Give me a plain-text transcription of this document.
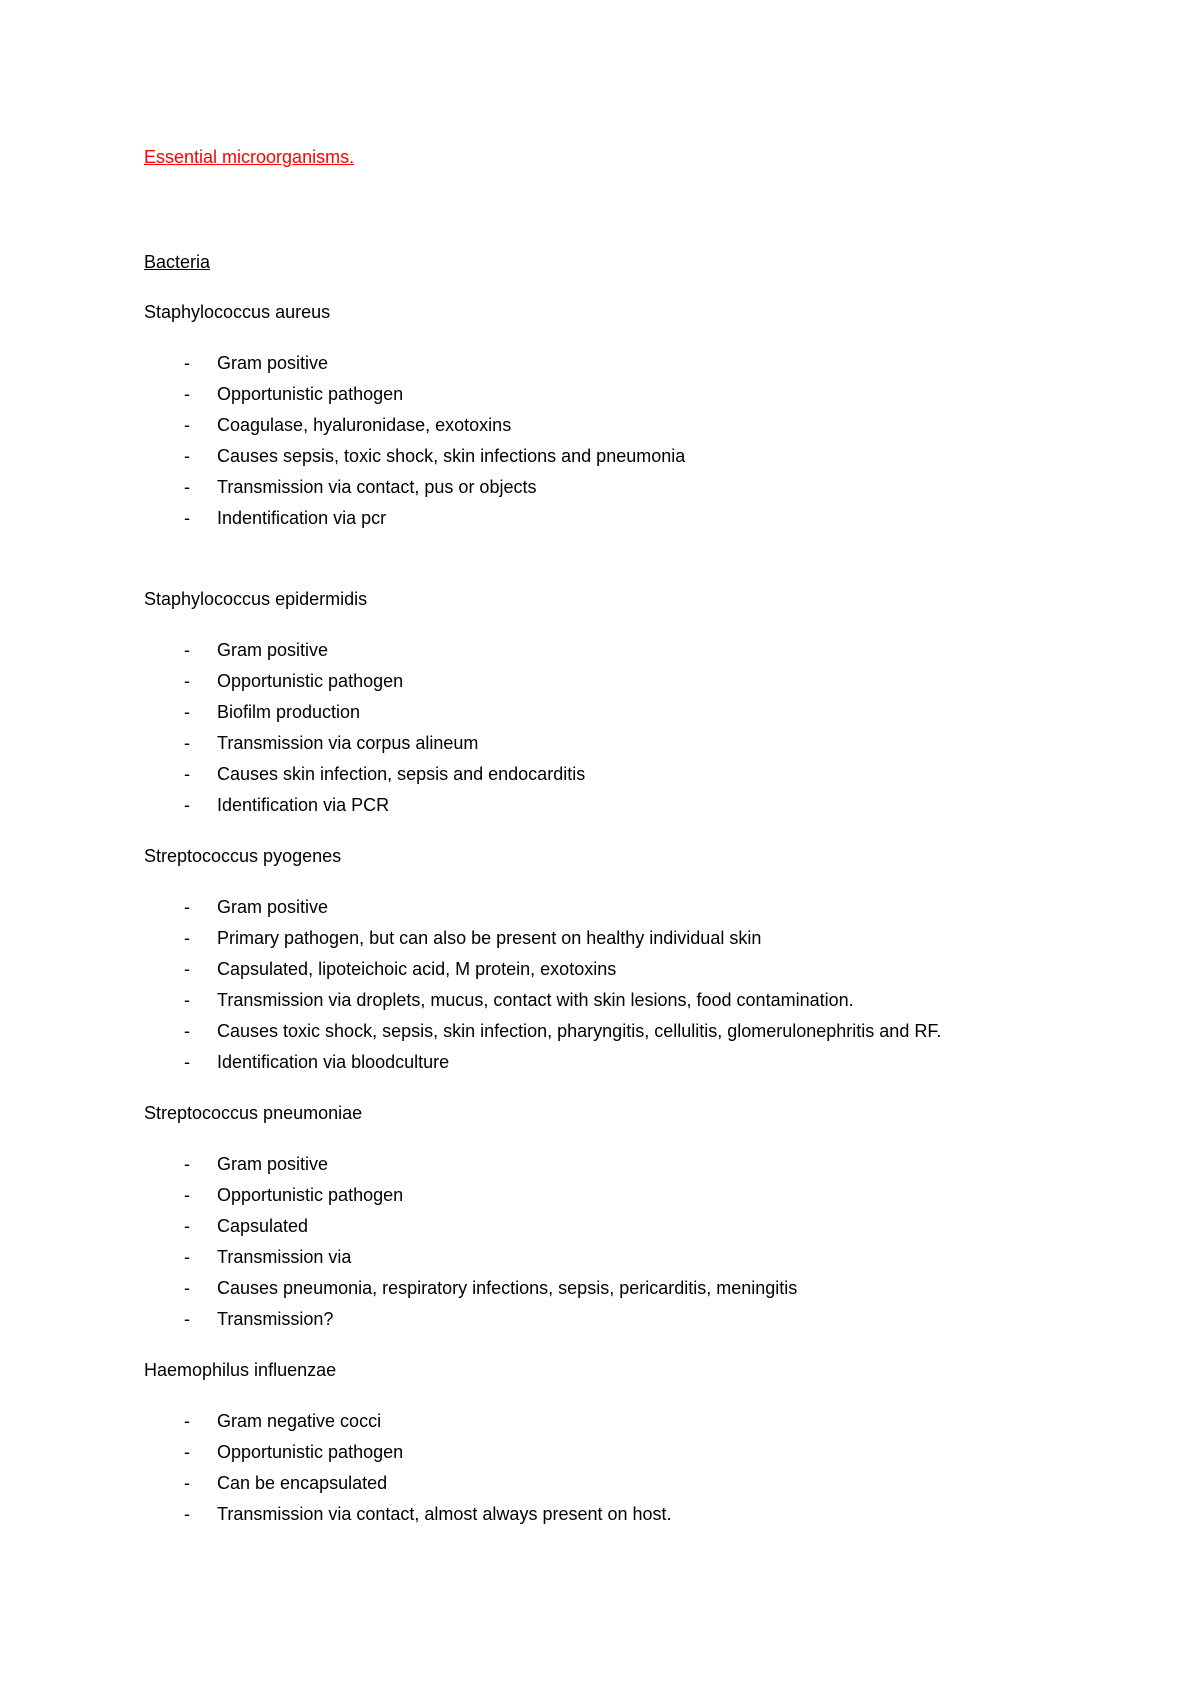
Essential microorganisms.
Bacteria
Staphylococcus aureus
- Gram positive
- Opportunistic pathogen
- Coagulase, hyaluronidase, exotoxins
- Causes sepsis, toxic shock, skin infections and pneumonia
- Transmission via contact, pus or objects
- Indentification via pcr
Staphylococcus epidermidis
- Gram positive
- Opportunistic pathogen
- Biofilm production
- Transmission via corpus alineum
- Causes skin infection, sepsis and endocarditis
- Identification via PCR
Streptococcus pyogenes
- Gram positive
- Primary pathogen, but can also be present on healthy individual skin
- Capsulated, lipoteichoic acid, M protein, exotoxins
- Transmission via droplets, mucus, contact with skin lesions, food contamination.
- Causes toxic shock, sepsis, skin infection, pharyngitis, cellulitis, glomerulonephritis and RF.
- Identification via bloodculture
Streptococcus pneumoniae
- Gram positive
- Opportunistic pathogen
- Capsulated
- Transmission via
- Causes pneumonia, respiratory infections, sepsis, pericarditis, meningitis
- Transmission?
Haemophilus influenzae
- Gram negative cocci
- Opportunistic pathogen
- Can be encapsulated
- Transmission via contact, almost always present on host.
